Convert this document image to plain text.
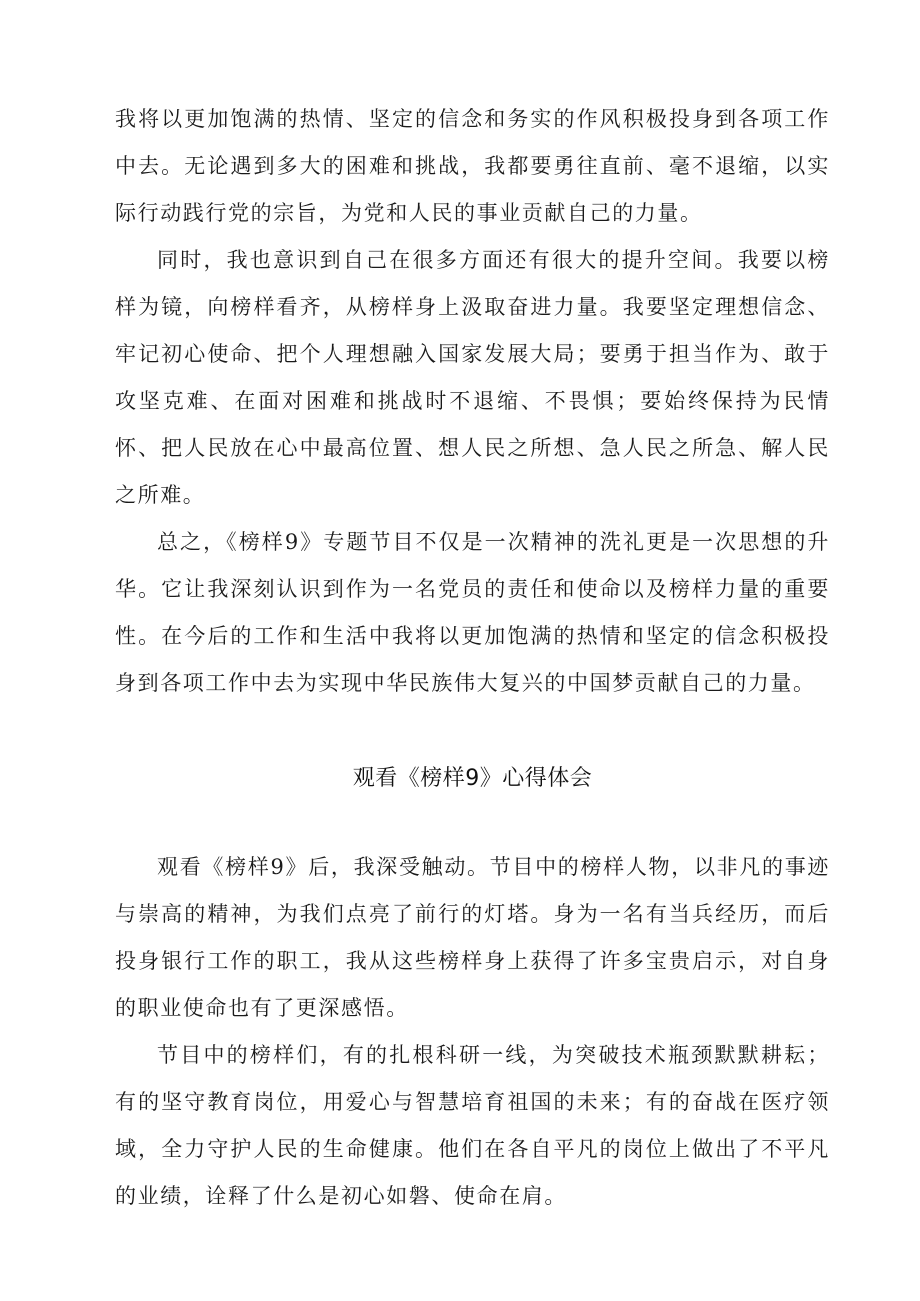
我将以更加饱满的热情、坚定的信念和务实的作风积极投身到各项工作中去。无论遇到多大的困难和挑战，我都要勇往直前、毫不退缩，以实际行动践行党的宗旨，为党和人民的事业贡献自己的力量。

同时，我也意识到自己在很多方面还有很大的提升空间。我要以榜样为镜，向榜样看齐，从榜样身上汲取奋进力量。我要坚定理想信念、牢记初心使命、把个人理想融入国家发展大局；要勇于担当作为、敢于攻坚克难、在面对困难和挑战时不退缩、不畏惧；要始终保持为民情怀、把人民放在心中最高位置、想人民之所想、急人民之所急、解人民之所难。

总之，《榜样9》专题节目不仅是一次精神的洗礼更是一次思想的升华。它让我深刻认识到作为一名党员的责任和使命以及榜样力量的重要性。在今后的工作和生活中我将以更加饱满的热情和坚定的信念积极投身到各项工作中去为实现中华民族伟大复兴的中国梦贡献自己的力量。

观看《榜样9》心得体会

观看《榜样9》后，我深受触动。节目中的榜样人物，以非凡的事迹与崇高的精神，为我们点亮了前行的灯塔。身为一名有当兵经历，而后投身银行工作的职工，我从这些榜样身上获得了许多宝贵启示，对自身的职业使命也有了更深感悟。

节目中的榜样们，有的扎根科研一线，为突破技术瓶颈默默耕耘；有的坚守教育岗位，用爱心与智慧培育祖国的未来；有的奋战在医疗领域，全力守护人民的生命健康。他们在各自平凡的岗位上做出了不平凡的业绩，诠释了什么是初心如磐、使命在肩。
